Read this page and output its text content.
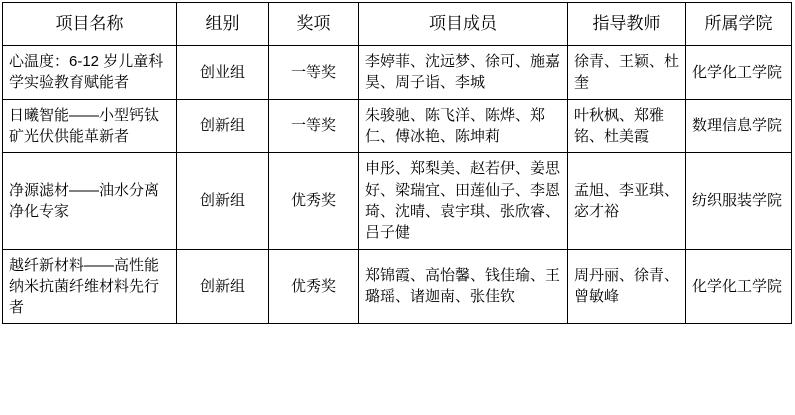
项目名称	组别	奖项	项目成员	指导教师	所属学院
心温度：6-12 岁儿童科学实验教育赋能者	创业组	一等奖	李婷菲、沈远梦、徐可、施嘉昊、周子诣、李城	徐青、王颖、杜奎	化学化工学院
日曦智能——小型钙钛矿光伏供能革新者	创新组	一等奖	朱骏驰、陈飞洋、陈烨、郑仁、傅冰艳、陈坤莉	叶秋枫、郑雅铭、杜美霞	数理信息学院
净源滤材——油水分离净化专家	创新组	优秀奖	申彤、郑梨美、赵若伊、姜思好、梁瑞宜、田莲仙子、李恩琦、沈晴、袁宇琪、张欣睿、吕子健	孟旭、李亚琪、宓才裕	纺织服装学院
越纤新材料——高性能纳米抗菌纤维材料先行者	创新组	优秀奖	郑锦霞、高怡馨、钱佳瑜、王璐瑶、诸迦南、张佳钦	周丹丽、徐青、曾敏峰	化学化工学院
